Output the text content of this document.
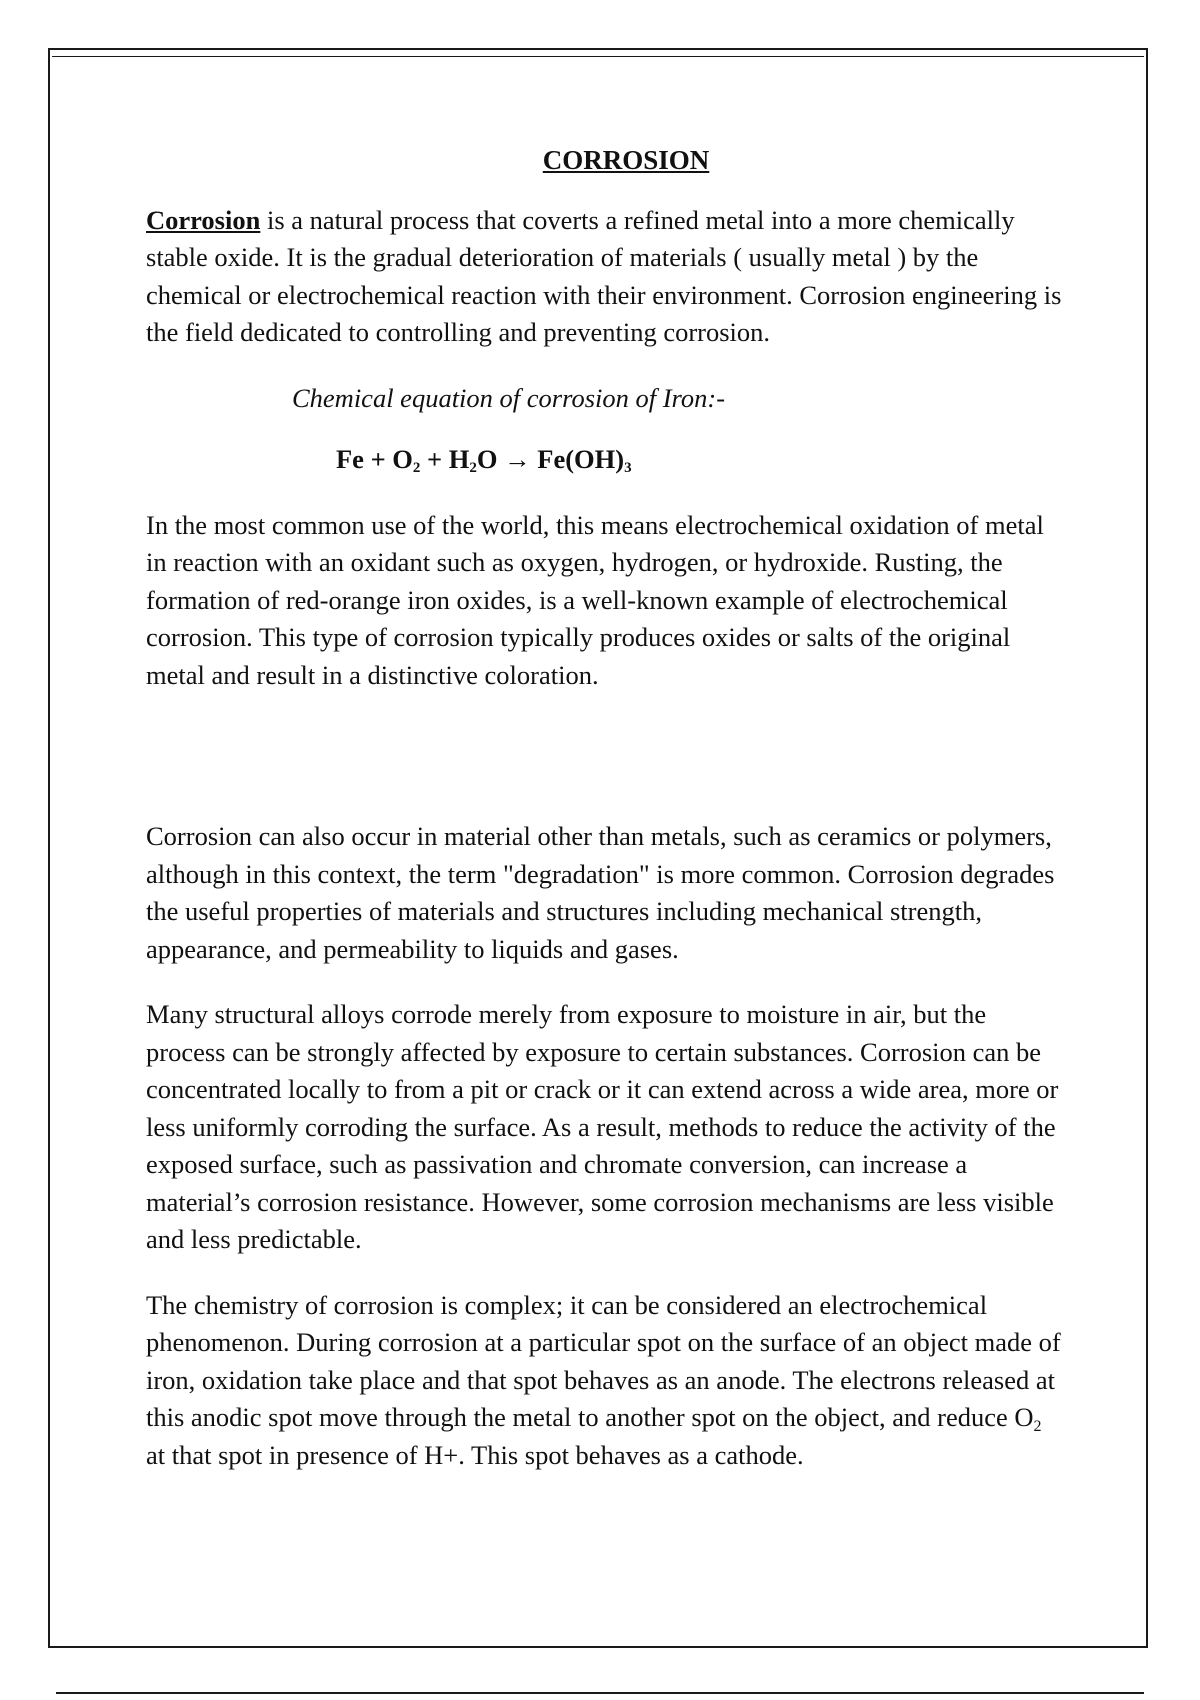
CORROSION

Corrosion is a natural process that coverts a refined metal into a more chemically stable oxide. It is the gradual deterioration of materials ( usually metal ) by the chemical or electrochemical reaction with their environment. Corrosion engineering is the field dedicated to controlling and preventing corrosion.

Chemical equation of corrosion of Iron:-

$Fe + O_2 + H_2O \to Fe(OH)_3$

In the most common use of the world, this means electrochemical oxidation of metal in reaction with an oxidant such as oxygen, hydrogen, or hydroxide. Rusting, the formation of red-orange iron oxides, is a well-known example of electrochemical corrosion. This type of corrosion typically produces oxides or salts of the original metal and result in a distinctive coloration.

Corrosion can also occur in material other than metals, such as ceramics or polymers, although in this context, the term "degradation" is more common. Corrosion degrades the useful properties of materials and structures including mechanical strength, appearance, and permeability to liquids and gases.

Many structural alloys corrode merely from exposure to moisture in air, but the process can be strongly affected by exposure to certain substances. Corrosion can be concentrated locally to from a pit or crack or it can extend across a wide area, more or less uniformly corroding the surface. As a result, methods to reduce the activity of the exposed surface, such as passivation and chromate conversion, can increase a material’s corrosion resistance. However, some corrosion mechanisms are less visible and less predictable.

The chemistry of corrosion is complex; it can be considered an electrochemical phenomenon. During corrosion at a particular spot on the surface of an object made of iron, oxidation take place and that spot behaves as an anode. The electrons released at this anodic spot move through the metal to another spot on the object, and reduce O2 at that spot in presence of H+. This spot behaves as a cathode.
